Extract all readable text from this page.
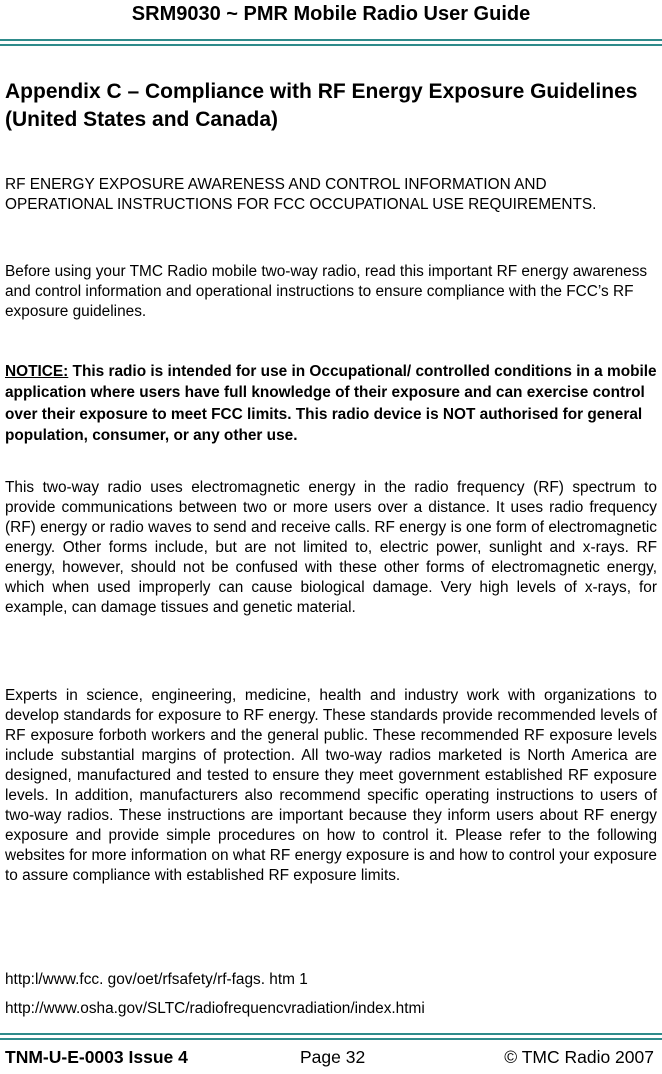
SRM9030 ~ PMR Mobile Radio User Guide
Appendix C – Compliance with RF Energy Exposure Guidelines (United States and Canada)

RF ENERGY EXPOSURE AWARENESS AND CONTROL INFORMATION AND OPERATIONAL INSTRUCTIONS FOR FCC OCCUPATIONAL USE REQUIREMENTS.

Before using your TMC Radio mobile two-way radio, read this important RF energy awareness and control information and operational instructions to ensure compliance with the FCC’s RF exposure guidelines.

NOTICE: This radio is intended for use in Occupational/ controlled conditions in a mobile application where users have full knowledge of their exposure and can exercise control over their exposure to meet FCC limits. This radio device is NOT authorised for general population, consumer, or any other use.

This two-way radio uses electromagnetic energy in the radio frequency (RF) spectrum to provide communications between two or more users over a distance. It uses radio frequency (RF) energy or radio waves to send and receive calls. RF energy is one form of electromagnetic energy. Other forms include, but are not limited to, electric power, sunlight and x-rays. RF energy, however, should not be confused with these other forms of electromagnetic energy, which when used improperly can cause biological damage. Very high levels of x-rays, for example, can damage tissues and genetic material.

Experts in science, engineering, medicine, health and industry work with organizations to develop standards for exposure to RF energy. These standards provide recommended levels of RF exposure forboth workers and the general public. These recommended RF exposure levels include substantial margins of protection. All two-way radios marketed is North America are designed, manufactured and tested to ensure they meet government established RF exposure levels. In addition, manufacturers also recommend specific operating instructions to users of two-way radios. These instructions are important because they inform users about RF energy exposure and provide simple procedures on how to control it. Please refer to the following websites for more information on what RF energy exposure is and how to control your exposure to assure compliance with established RF exposure limits.

http:l/www.fcc. gov/oet/rfsafety/rf-fags. htm 1
http://www.osha.gov/SLTC/radiofrequencvradiation/index.htmi
TNM-U-E-0003 Issue 4	Page 32	© TMC Radio 2007
